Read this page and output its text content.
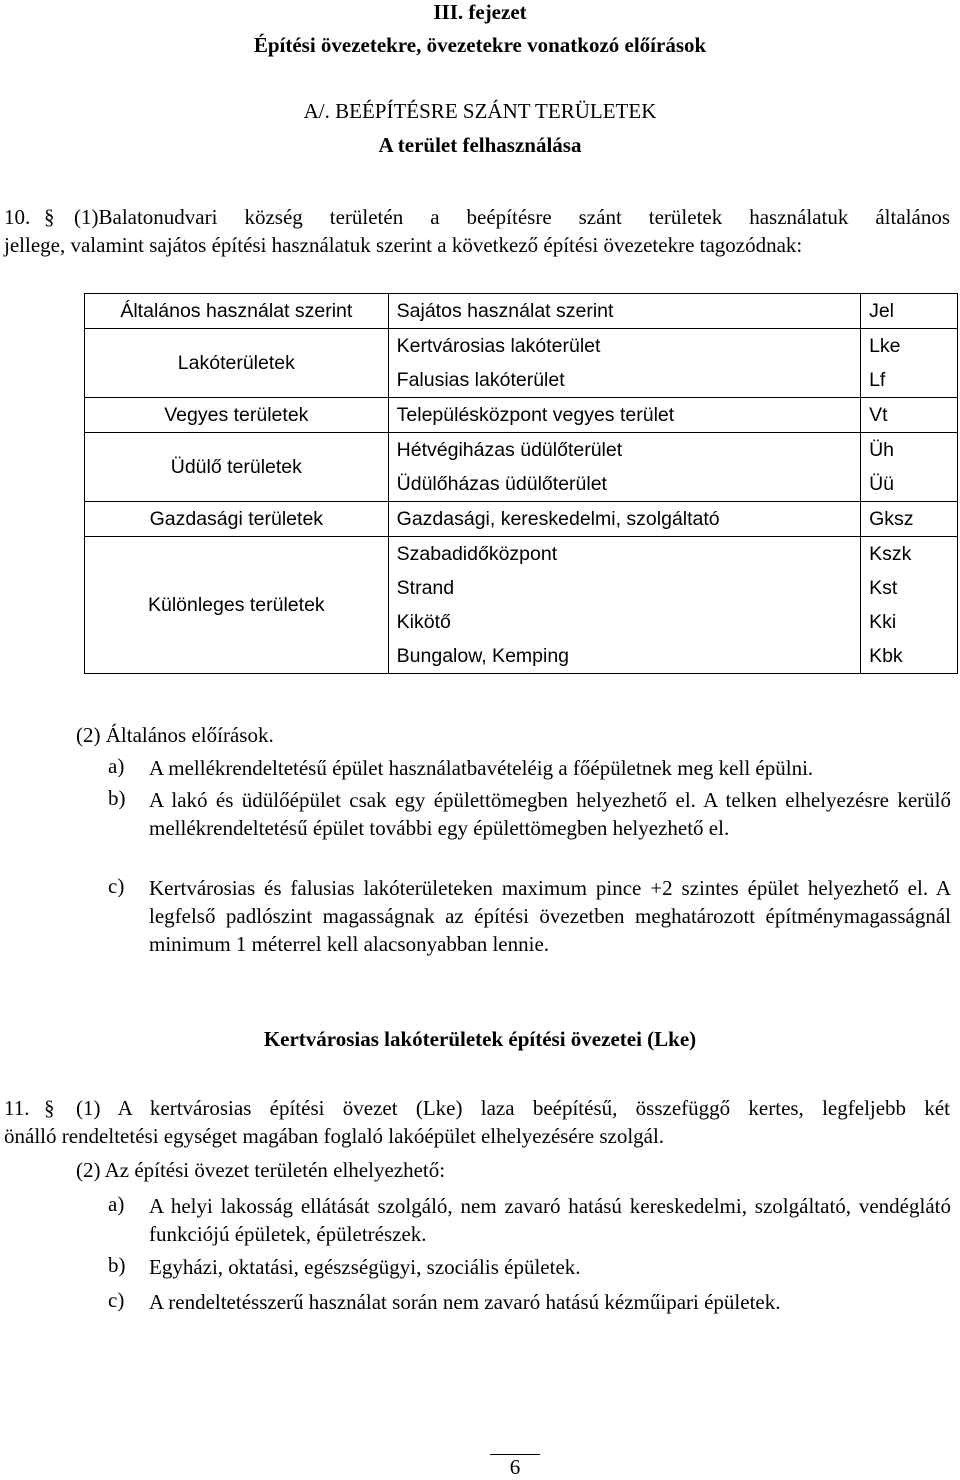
III. fejezet
Építési övezetekre, övezetekre vonatkozó előírások
A/. BEÉPÍTÉSRE SZÁNT TERÜLETEK
A terület felhasználása
10. § (1)Balatonudvari község területén a beépítésre szánt területek használatuk általános
jellege, valamint sajátos építési használatuk szerint a következő építési övezetekre tagozódnak:
Általános használat szerint	Sajátos használat szerint	Jel
Lakóterületek	Kertvárosias lakóterület	Lke
	Falusias lakóterület	Lf
Vegyes területek	Településközpont vegyes terület	Vt
Üdülő területek	Hétvégiházas üdülőterület	Üh
	Üdülőházas üdülőterület	Üü
Gazdasági területek	Gazdasági, kereskedelmi, szolgáltató	Gksz
Különleges területek	Szabadidőközpont	Kszk
	Strand	Kst
	Kikötő	Kki
	Bungalow, Kemping	Kbk
(2) Általános előírások.
a) A mellékrendeltetésű épület használatbavételéig a főépületnek meg kell épülni.
b) A lakó és üdülőépület csak egy épülettömegben helyezhető el. A telken elhelyezésre kerülő mellékrendeltetésű épület további egy épülettömegben helyezhető el.
c) Kertvárosias és falusias lakóterületeken maximum pince +2 szintes épület helyezhető el. A legfelső padlószint magasságnak az építési övezetben meghatározott építménymagasságnál minimum 1 méterrel kell alacsonyabban lennie.
Kertvárosias lakóterületek építési övezetei (Lke)
11. § (1) A kertvárosias építési övezet (Lke) laza beépítésű, összefüggő kertes, legfeljebb két
önálló rendeltetési egységet magában foglaló lakóépület elhelyezésére szolgál.
(2) Az építési övezet területén elhelyezhető:
a) A helyi lakosság ellátását szolgáló, nem zavaró hatású kereskedelmi, szolgáltató, vendéglátó funkciójú épületek, épületrészek.
b) Egyházi, oktatási, egészségügyi, szociális épületek.
c) A rendeltetésszerű használat során nem zavaró hatású kézműipari épületek.
6
